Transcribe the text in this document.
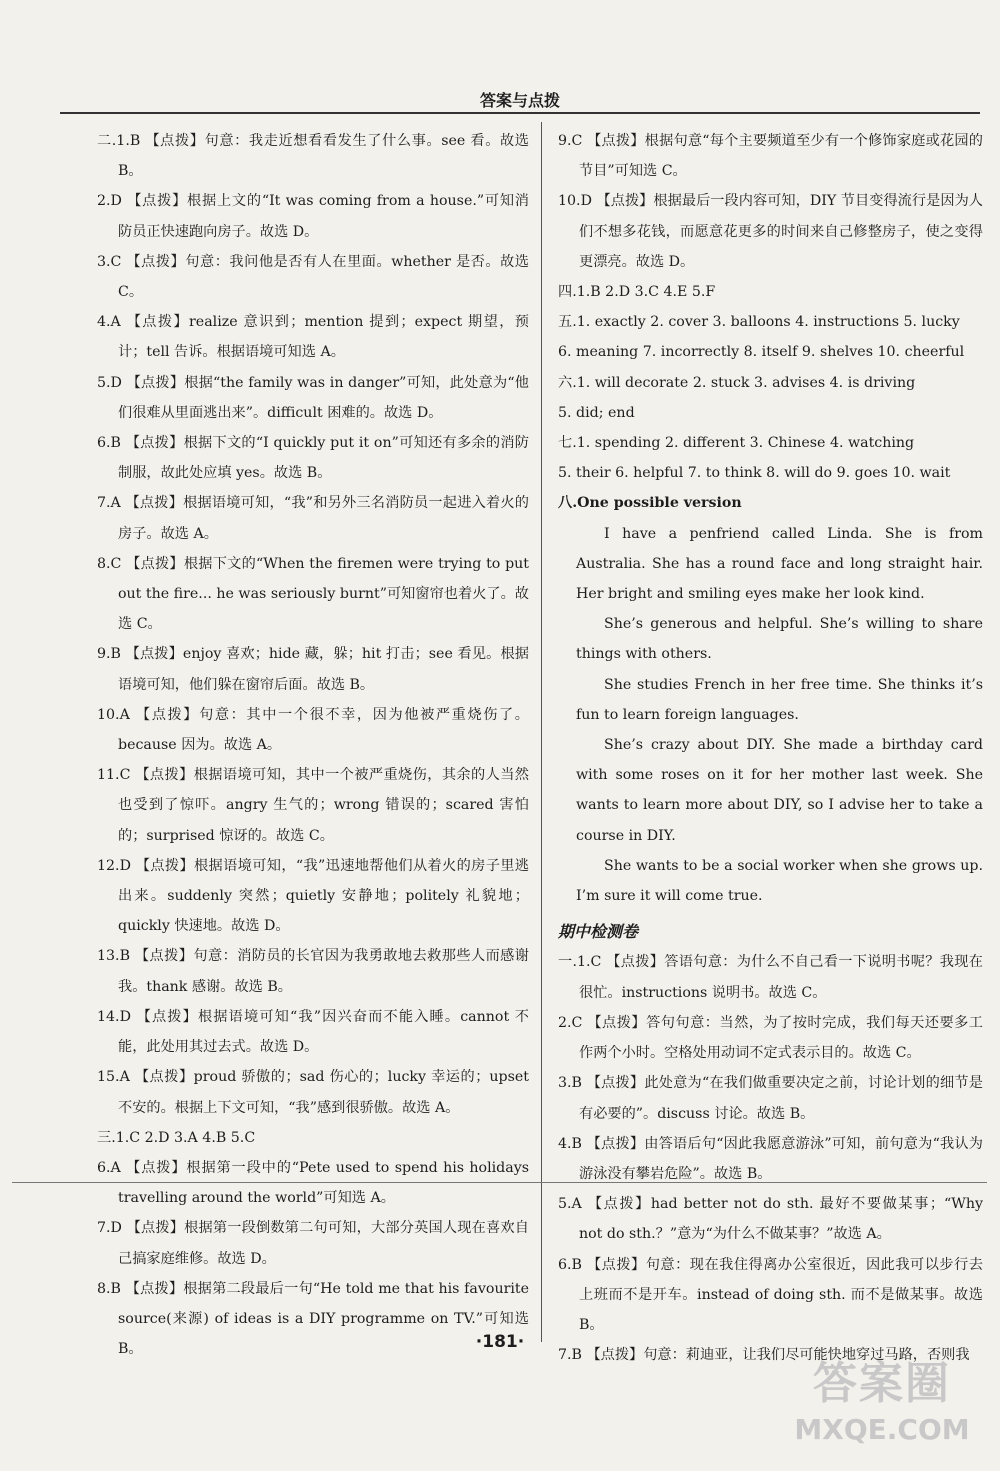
答案与点拨

二.1.B 【点拨】句意：我走近想看看发生了什么事。see 看。故选 B。

2.D 【点拨】根据上文的“It was coming from a house.”可知消防员正快速跑向房子。故选 D。

3.C 【点拨】句意：我问他是否有人在里面。whether 是否。故选 C。

4.A 【点拨】realize 意识到；mention 提到；expect 期望，预计；tell 告诉。根据语境可知选 A。

5.D 【点拨】根据“the family was in danger”可知，此处意为“他们很难从里面逃出来”。difficult 困难的。故选 D。

6.B 【点拨】根据下文的“I quickly put it on”可知还有多余的消防制服，故此处应填 yes。故选 B。

7.A 【点拨】根据语境可知，“我”和另外三名消防员一起进入着火的房子。故选 A。

8.C 【点拨】根据下文的“When the firemen were trying to put out the fire... he was seriously burnt”可知窗帘也着火了。故选 C。

9.B 【点拨】enjoy 喜欢；hide 藏，躲；hit 打击；see 看见。根据语境可知，他们躲在窗帘后面。故选 B。

10.A 【点拨】句意：其中一个很不幸，因为他被严重烧伤了。because 因为。故选 A。

11.C 【点拨】根据语境可知，其中一个被严重烧伤，其余的人当然也受到了惊吓。angry 生气的；wrong 错误的；scared 害怕的；surprised 惊讶的。故选 C。

12.D 【点拨】根据语境可知，“我”迅速地帮他们从着火的房子里逃出来。suddenly 突然；quietly 安静地；politely 礼貌地；quickly 快速地。故选 D。

13.B 【点拨】句意：消防员的长官因为我勇敢地去救那些人而感谢我。thank 感谢。故选 B。

14.D 【点拨】根据语境可知“我”因兴奋而不能入睡。cannot 不能，此处用其过去式。故选 D。

15.A 【点拨】proud 骄傲的；sad 伤心的；lucky 幸运的；upset 不安的。根据上下文可知，“我”感到很骄傲。故选 A。

三.1.C 2.D 3.A 4.B 5.C

6.A 【点拨】根据第一段中的“Pete used to spend his holidays travelling around the world”可知选 A。

7.D 【点拨】根据第一段倒数第二句可知，大部分英国人现在喜欢自己搞家庭维修。故选 D。

8.B 【点拨】根据第二段最后一句“He told me that his favourite source(来源) of ideas is a DIY programme on TV.”可知选 B。

9.C 【点拨】根据句意“每个主要频道至少有一个修饰家庭或花园的节目”可知选 C。

10.D 【点拨】根据最后一段内容可知，DIY 节目变得流行是因为人们不想多花钱，而愿意花更多的时间来自己修整房子，使之变得更漂亮。故选 D。

四.1.B 2.D 3.C 4.E 5.F

五.1. exactly 2. cover 3. balloons 4. instructions 5. lucky

6. meaning 7. incorrectly 8. itself 9. shelves 10. cheerful

六.1. will decorate 2. stuck 3. advises 4. is driving

5. did; end

七.1. spending 2. different 3. Chinese 4. watching

5. their 6. helpful 7. to think 8. will do 9. goes 10. wait

八.One possible version

I have a penfriend called Linda. She is from Australia. She has a round face and long straight hair. Her bright and smiling eyes make her look kind.

She’s generous and helpful. She’s willing to share things with others.

She studies French in her free time. She thinks it’s fun to learn foreign languages.

She’s crazy about DIY. She made a birthday card with some roses on it for her mother last week. She wants to learn more about DIY, so I advise her to take a course in DIY.

She wants to be a social worker when she grows up. I’m sure it will come true.

期中检测卷

一.1.C 【点拨】答语句意：为什么不自己看一下说明书呢？我现在很忙。instructions 说明书。故选 C。

2.C 【点拨】答句句意：当然，为了按时完成，我们每天还要多工作两个小时。空格处用动词不定式表示目的。故选 C。

3.B 【点拨】此处意为“在我们做重要决定之前，讨论计划的细节是有必要的”。discuss 讨论。故选 B。

4.B 【点拨】由答语后句“因此我愿意游泳”可知，前句意为“我认为游泳没有攀岩危险”。故选 B。

5.A 【点拨】had better not do sth. 最好不要做某事；“Why not do sth.？”意为“为什么不做某事？”故选 A。

6.B 【点拨】句意：现在我住得离办公室很近，因此我可以步行去上班而不是开车。instead of doing sth. 而不是做某事。故选 B。

7.B 【点拨】句意：莉迪亚，让我们尽可能快地穿过马路，否则我

·181·
答案圈
MXQE.COM
